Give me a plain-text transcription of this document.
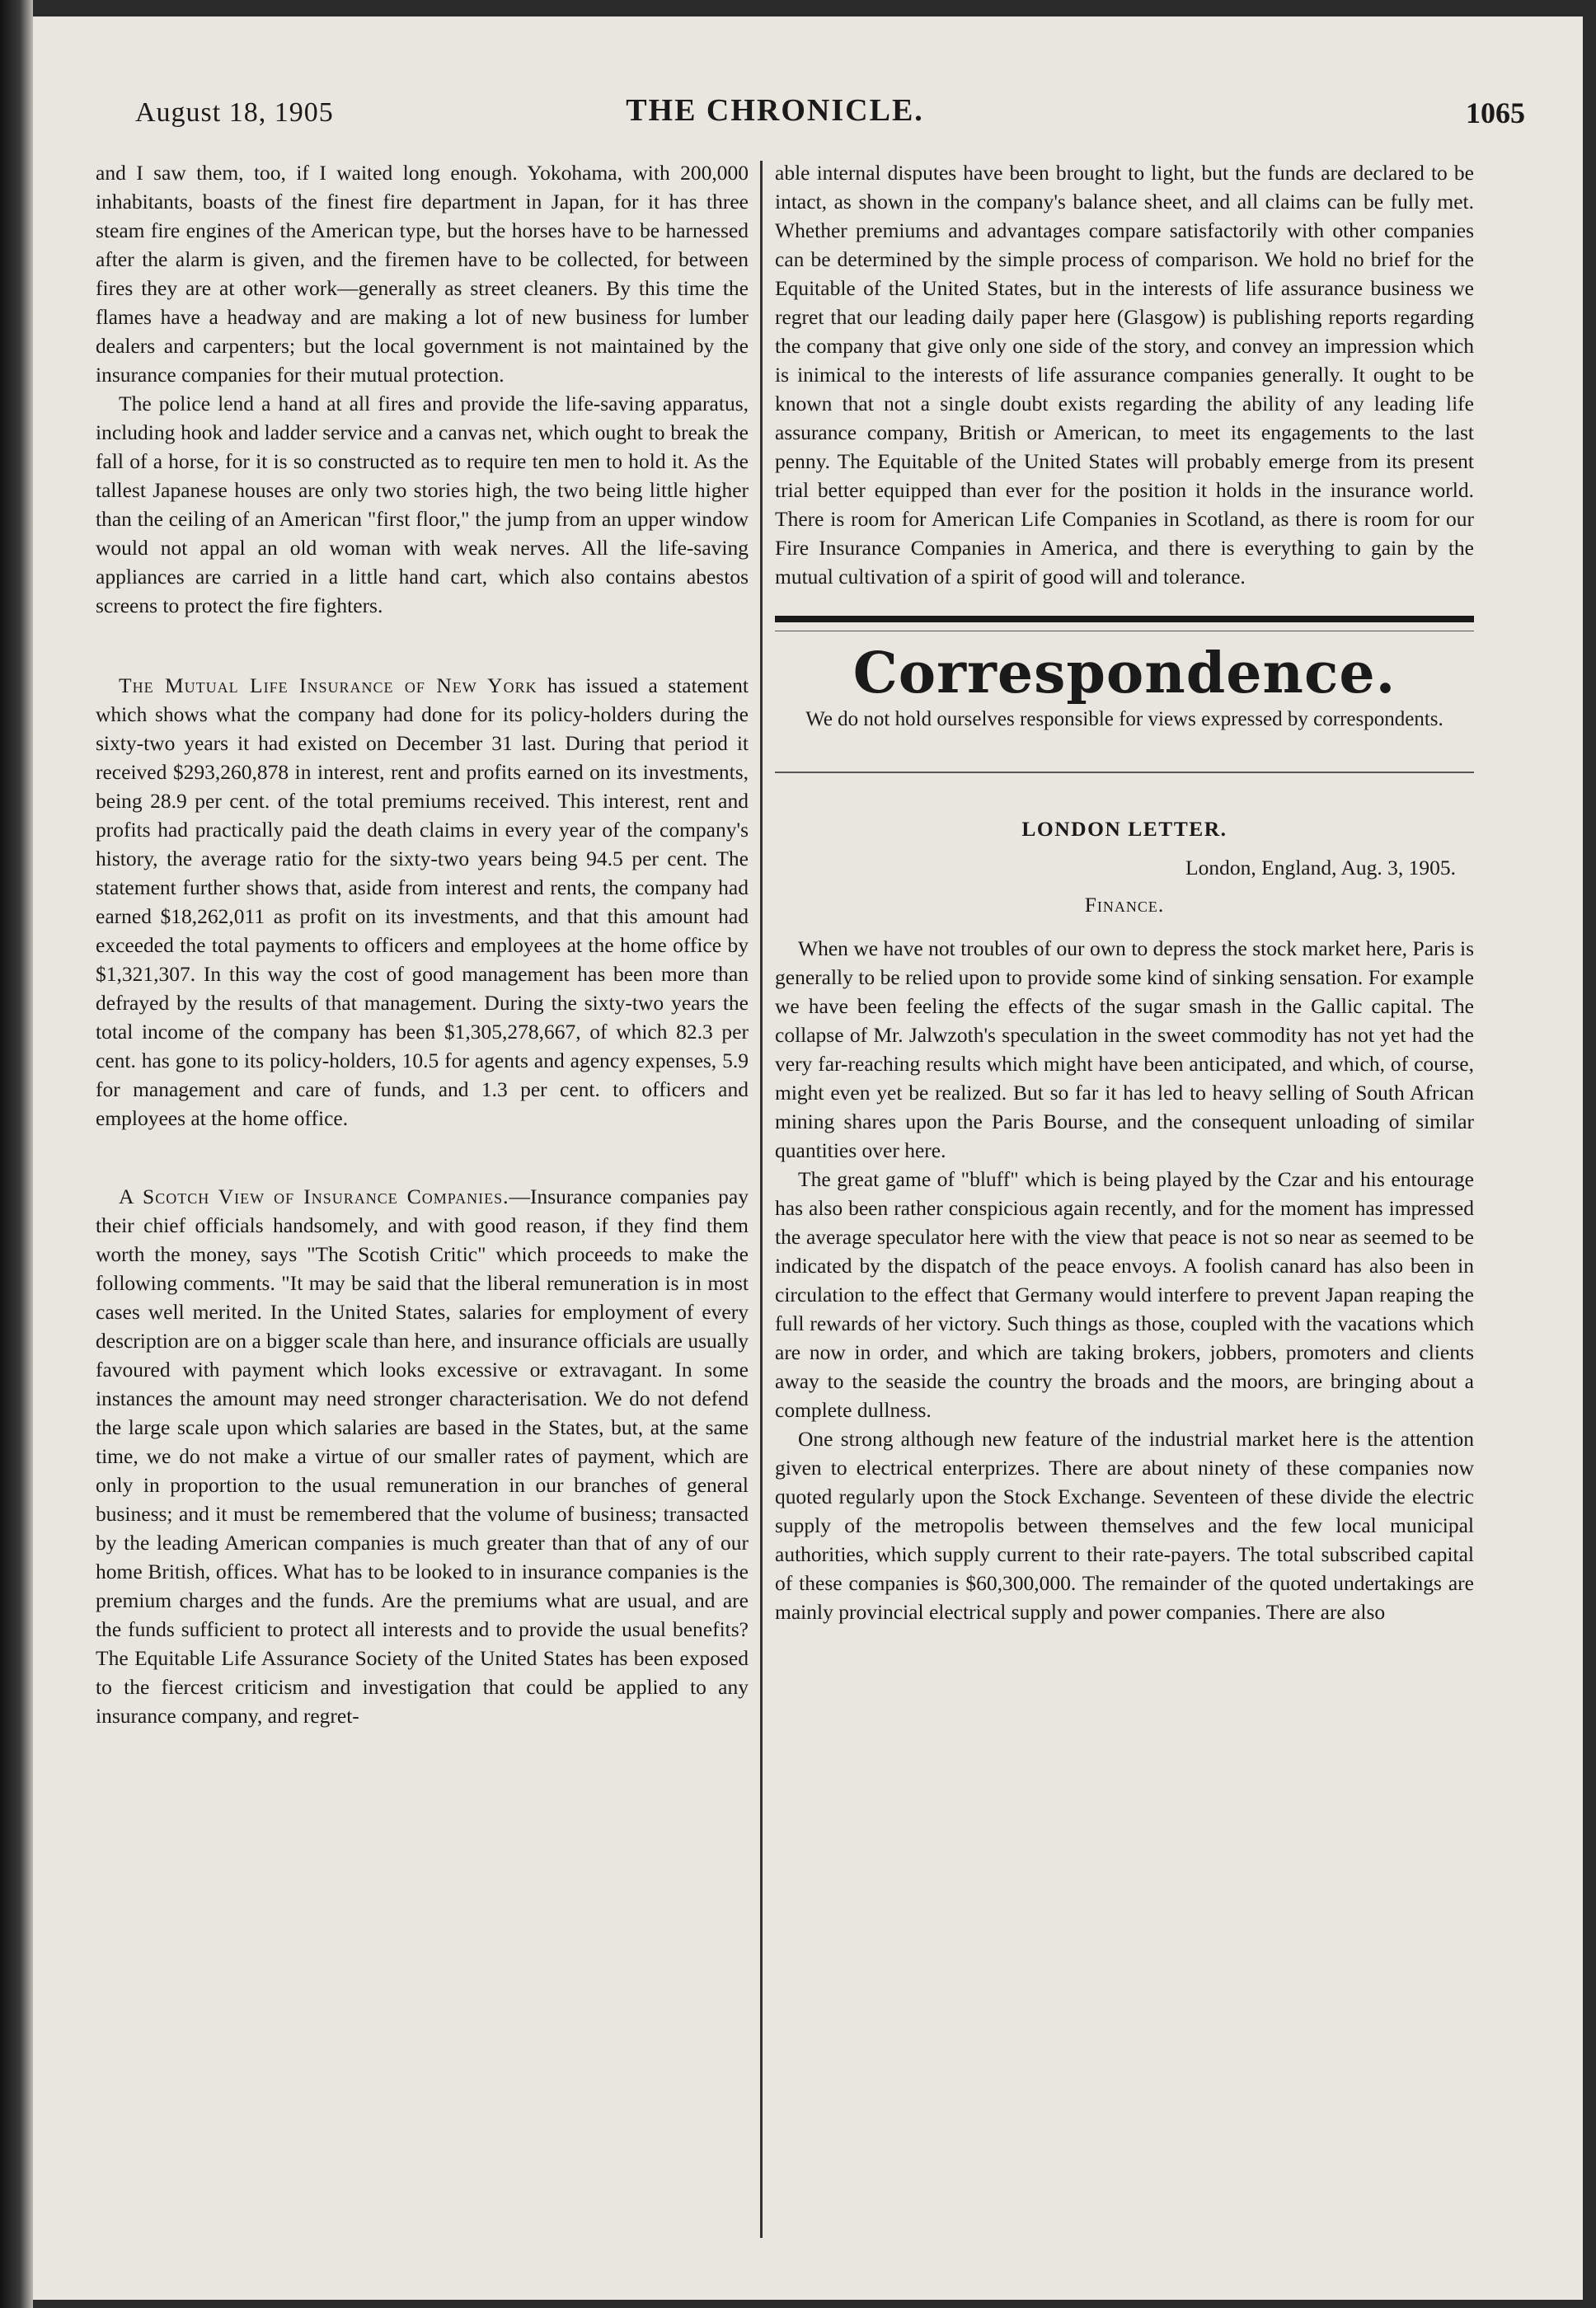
August 18, 1905	THE CHRONICLE.	1065

and I saw them, too, if I waited long enough. Yokohama, with 200,000 inhabitants, boasts of the finest fire department in Japan, for it has three steam fire engines of the American type, but the horses have to be harnessed after the alarm is given, and the firemen have to be collected, for between fires they are at other work—generally as street cleaners. By this time the flames have a headway and are making a lot of new business for lumber dealers and carpenters; but the local government is not maintained by the insurance companies for their mutual protection.

The police lend a hand at all fires and provide the life-saving apparatus, including hook and ladder service and a canvas net, which ought to break the fall of a horse, for it is so constructed as to require ten men to hold it. As the tallest Japanese houses are only two stories high, the two being little higher than the ceiling of an American "first floor," the jump from an upper window would not appal an old woman with weak nerves. All the life-saving appliances are carried in a little hand cart, which also contains abestos screens to protect the fire fighters.

The Mutual Life Insurance of New York has issued a statement which shows what the company had done for its policy-holders during the sixty-two years it had existed on December 31 last. During that period it received $293,260,878 in interest, rent and profits earned on its investments, being 28.9 per cent. of the total premiums received. This interest, rent and profits had practically paid the death claims in every year of the company's history, the average ratio for the sixty-two years being 94.5 per cent. The statement further shows that, aside from interest and rents, the company had earned $18,262,011 as profit on its investments, and that this amount had exceeded the total payments to officers and employees at the home office by $1,321,307. In this way the cost of good management has been more than defrayed by the results of that management. During the sixty-two years the total income of the company has been $1,305,278,667, of which 82.3 per cent. has gone to its policy-holders, 10.5 for agents and agency expenses, 5.9 for management and care of funds, and 1.3 per cent. to officers and employees at the home office.

A Scotch View of Insurance Companies.—Insurance companies pay their chief officials handsomely, and with good reason, if they find them worth the money, says "The Scotish Critic" which proceeds to make the following comments. "It may be said that the liberal remuneration is in most cases well merited. In the United States, salaries for employment of every description are on a bigger scale than here, and insurance officials are usually favoured with payment which looks excessive or extravagant. In some instances the amount may need stronger characterisation. We do not defend the large scale upon which salaries are based in the States, but, at the same time, we do not make a virtue of our smaller rates of payment, which are only in proportion to the usual remuneration in our branches of general business; and it must be remembered that the volume of business; transacted by the leading American companies is much greater than that of any of our home British, offices. What has to be looked to in insurance companies is the premium charges and the funds. Are the premiums what are usual, and are the funds sufficient to protect all interests and to provide the usual benefits? The Equitable Life Assurance Society of the United States has been exposed to the fiercest criticism and investigation that could be applied to any insurance company, and regret-

able internal disputes have been brought to light, but the funds are declared to be intact, as shown in the company's balance sheet, and all claims can be fully met. Whether premiums and advantages compare satisfactorily with other companies can be determined by the simple process of comparison. We hold no brief for the Equitable of the United States, but in the interests of life assurance business we regret that our leading daily paper here (Glasgow) is publishing reports regarding the company that give only one side of the story, and convey an impression which is inimical to the interests of life assurance companies generally. It ought to be known that not a single doubt exists regarding the ability of any leading life assurance company, British or American, to meet its engagements to the last penny. The Equitable of the United States will probably emerge from its present trial better equipped than ever for the position it holds in the insurance world. There is room for American Life Companies in Scotland, as there is room for our Fire Insurance Companies in America, and there is everything to gain by the mutual cultivation of a spirit of good will and tolerance.

Correspondence.

We do not hold ourselves responsible for views expressed by correspondents.

LONDON LETTER.

London, England, Aug. 3, 1905.

Finance.

When we have not troubles of our own to depress the stock market here, Paris is generally to be relied upon to provide some kind of sinking sensation. For example we have been feeling the effects of the sugar smash in the Gallic capital. The collapse of Mr. Jalwzoth's speculation in the sweet commodity has not yet had the very far-reaching results which might have been anticipated, and which, of course, might even yet be realized. But so far it has led to heavy selling of South African mining shares upon the Paris Bourse, and the consequent unloading of similar quantities over here.

The great game of "bluff" which is being played by the Czar and his entourage has also been rather conspicious again recently, and for the moment has impressed the average speculator here with the view that peace is not so near as seemed to be indicated by the dispatch of the peace envoys. A foolish canard has also been in circulation to the effect that Germany would interfere to prevent Japan reaping the full rewards of her victory. Such things as those, coupled with the vacations which are now in order, and which are taking brokers, jobbers, promoters and clients away to the seaside the country the broads and the moors, are bringing about a complete dullness.

One strong although new feature of the industrial market here is the attention given to electrical enterprizes. There are about ninety of these companies now quoted regularly upon the Stock Exchange. Seventeen of these divide the electric supply of the metropolis between themselves and the few local municipal authorities, which supply current to their rate-payers. The total subscribed capital of these companies is $60,300,000. The remainder of the quoted undertakings are mainly provincial electrical supply and power companies. There are also
